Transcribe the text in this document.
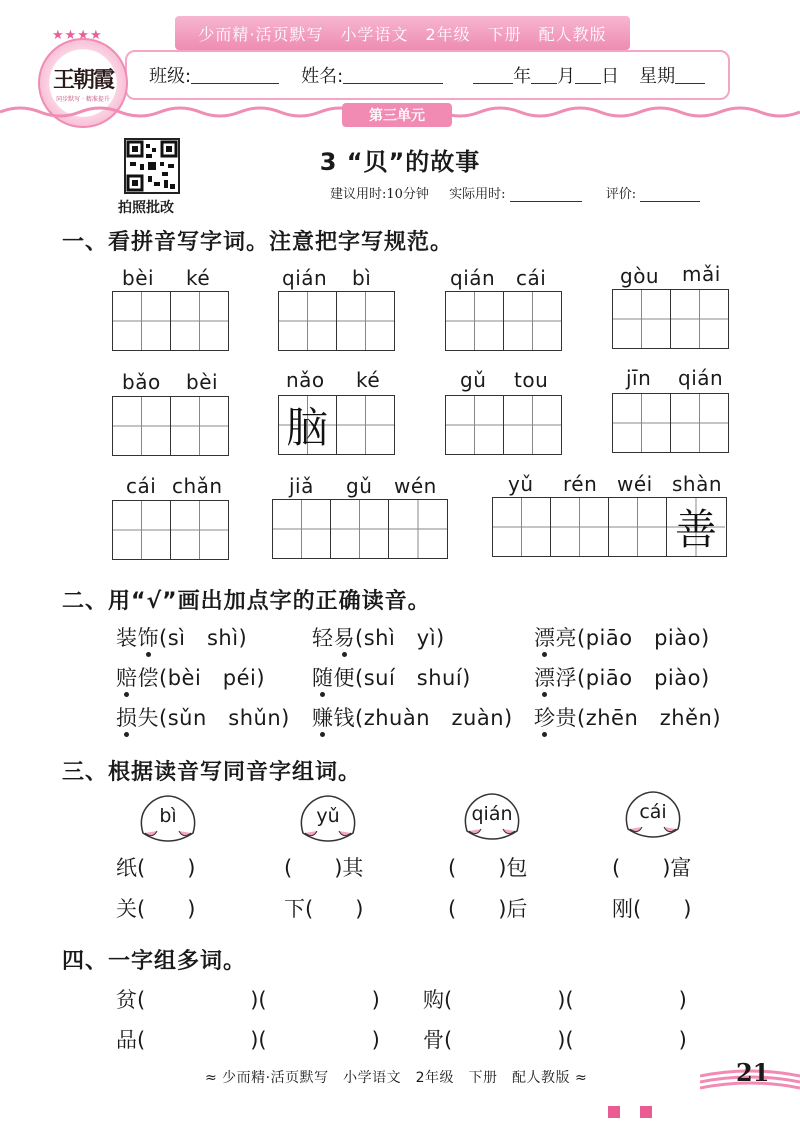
少而精·活页默写　小学语文　2年级　下册　配人教版
班级:	姓名:	年 月 日 星期
★★★★
王朝霞
同步默写 · 精准提升
第三单元
拍照批改
3 “贝”的故事
建议用时:10分钟 实际用时:	评价:
一、看拼音写字词。注意把字写规范。
bèi ké	qián bì	qián cái	gòu mǎi
bǎo bèi	nǎo ké	gǔ tou	jīn qián
脑
cái chǎn	jiǎ gǔ wén	yǔ rén wéi shàn
善
二、用“√”画出加点字的正确读音。
装饰(sì　shì)	轻易(shì　yì)	漂亮(piāo　piào)
赔偿(bèi　péi) 随便(suí　shuí)	漂浮(piāo　piào)
损失(sǔn　shǔn) 赚钱(zhuàn　zuàn) 珍贵(zhēn　zhěn)
三、根据读音写同音字组词。
bì	yǔ	qián	cái
纸(　　)	(　　)其	(　　)包	(　　)富
关(　　)	下(　　)	(　　)后	刚(　　)
四、一字组多词。
贫(　　　　　)(　　　　　) 购(　　　　　)(　　　　　)
品(　　　　　)(　　　　　) 骨(　　　　　)(　　　　　)
≈ 少而精·活页默写　小学语文　2年级　下册　配人教版 ≈	21
